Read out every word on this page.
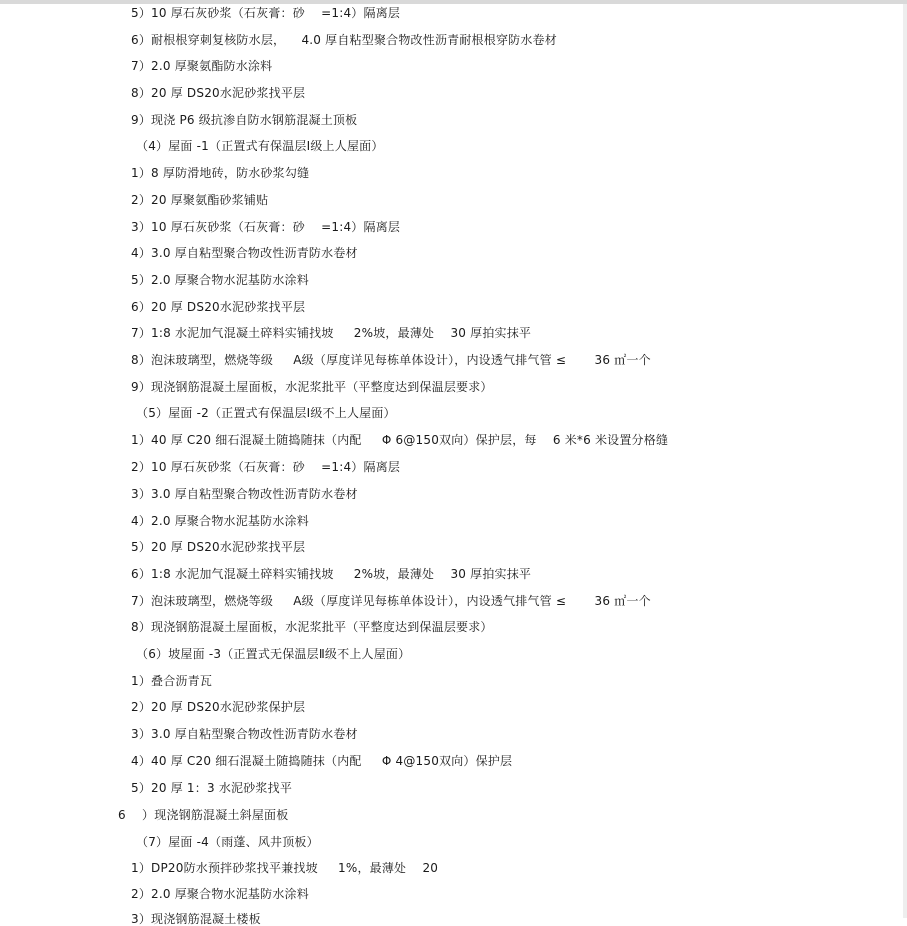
5）10 厚石灰砂浆（石灰膏：砂 　=1:4）隔离层
6）耐根根穿刺复核防水层， 　4.0 厚自粘型聚合物改性沥青耐根根穿防水卷材
7）2.0 厚聚氨酯防水涂料
8）20 厚 DS20水泥砂浆找平层
9）现浇 P6 级抗渗自防水钢筋混凝土顶板
（4）屋面 -1（正置式有保温层Ⅰ级上人屋面）
1）8 厚防滑地砖，防水砂浆勾缝
2）20 厚聚氨酯砂浆铺贴
3）10 厚石灰砂浆（石灰膏：砂 　=1:4）隔离层
4）3.0 厚自粘型聚合物改性沥青防水卷材
5）2.0 厚聚合物水泥基防水涂料
6）20 厚 DS20水泥砂浆找平层
7）1:8 水泥加气混凝土碎料实铺找坡 　 2%坡，最薄处 　30 厚拍实抹平
8）泡沫玻璃型，燃烧等级 　 A级（厚度详见每栋单体设计），内设透气排气管 ≤　　 36 ㎡一个
9）现浇钢筋混凝土屋面板，水泥浆批平（平整度达到保温层要求）
（5）屋面 -2（正置式有保温层Ⅰ级不上人屋面）
1）40 厚 C20 细石混凝土随捣随抹（内配 　 Φ 6@150双向）保护层，每 　6 米*6 米设置分格缝
2）10 厚石灰砂浆（石灰膏：砂 　=1:4）隔离层
3）3.0 厚自粘型聚合物改性沥青防水卷材
4）2.0 厚聚合物水泥基防水涂料
5）20 厚 DS20水泥砂浆找平层
6）1:8 水泥加气混凝土碎料实铺找坡 　 2%坡，最薄处 　30 厚拍实抹平
7）泡沫玻璃型，燃烧等级 　 A级（厚度详见每栋单体设计），内设透气排气管 ≤　　 36 ㎡一个
8）现浇钢筋混凝土屋面板，水泥浆批平（平整度达到保温层要求）
（6）坡屋面 -3（正置式无保温层Ⅱ级不上人屋面）
1）叠合沥青瓦
2）20 厚 DS20水泥砂浆保护层
3）3.0 厚自粘型聚合物改性沥青防水卷材
4）40 厚 C20 细石混凝土随捣随抹（内配 　 Φ 4@150双向）保护层
5）20 厚 1：3 水泥砂浆找平
6 　）现浇钢筋混凝土斜屋面板
（7）屋面 -4（雨蓬、风井顶板）
1）DP20防水预拌砂浆找平兼找坡 　 1%，最薄处 　20
2）2.0 厚聚合物水泥基防水涂料
3）现浇钢筋混凝土楼板
